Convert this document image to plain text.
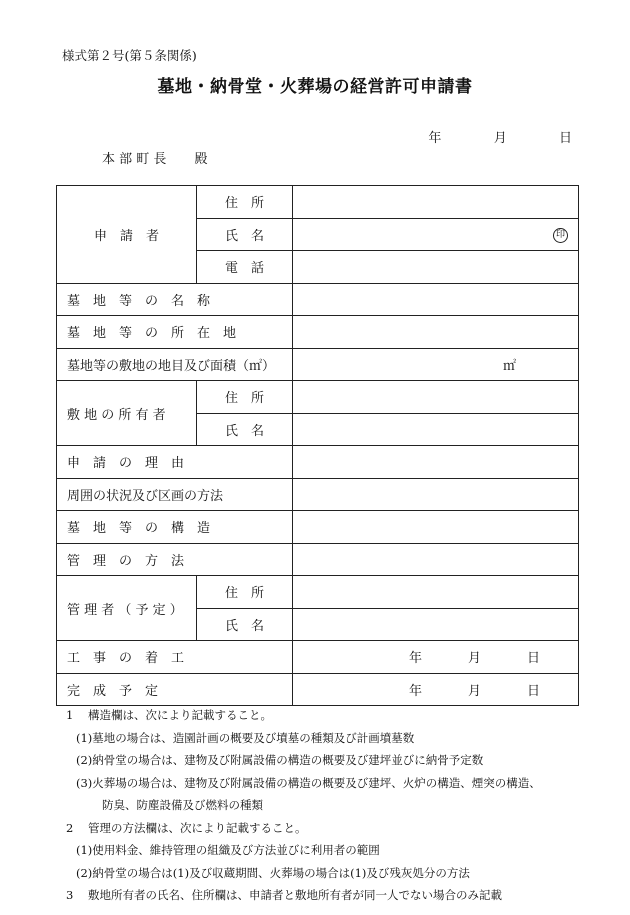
様式第２号(第５条関係)
墓地・納骨堂・火葬場の経営許可申請書
年	月	日
本 部 町 長 殿
申　請　者	住　所	

氏　名	印

電　話	

墓　地　等　の　名　称		

墓　地　等　の　所　在　地		

墓地等の敷地の地目及び面積（㎡）		㎡

敷 地 の 所 有 者	住　所	

氏　名	

申　請　の　理　由		

周囲の状況及び区画の方法		

墓　地　等　の　構　造		

管　理　の　方　法		

管 理 者 （ 予 定 ）	住　所	

氏　名	

工　事　の　着　工		年 月 日

完　成　予　定		年 月 日
1 構造欄は、次により記載すること。
(1)墓地の場合は、造園計画の概要及び墳墓の種類及び計画墳墓数
(2)納骨堂の場合は、建物及び附属設備の構造の概要及び建坪並びに納骨予定数
(3)火葬場の場合は、建物及び附属設備の構造の概要及び建坪、火炉の構造、煙突の構造、
防臭、防塵設備及び燃料の種類
2 管理の方法欄は、次により記載すること。
(1)使用料金、維持管理の組織及び方法並びに利用者の範囲
(2)納骨堂の場合は(1)及び収蔵期間、火葬場の場合は(1)及び残灰処分の方法
3 敷地所有者の氏名、住所欄は、申請者と敷地所有者が同一人でない場合のみ記載
